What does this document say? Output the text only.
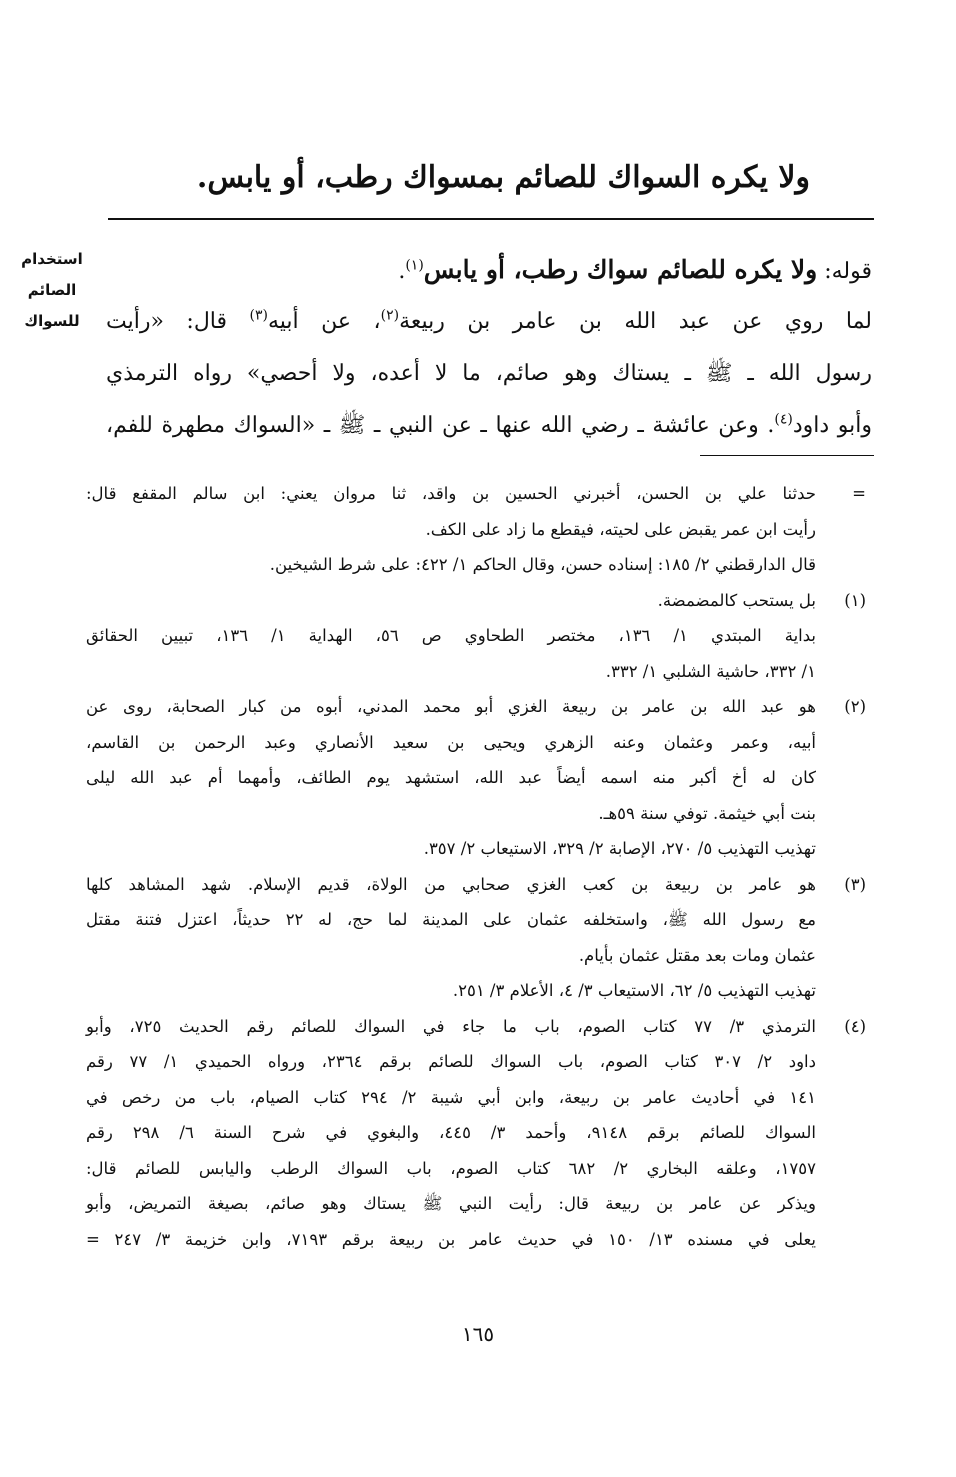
ولا يكره السواك للصائم بمسواك رطب، أو يابس.
استخدام
الصائم
للسواك
قوله: ولا يكره للصائم سواك رطب، أو يابس$^{(١)}$.
لما روي عن عبد الله بن عامر بن ربيعة$^{(٢)}$، عن أبيه$^{(٣)}$ قال: «رأيت
رسول الله ـ ﷺ ـ يستاك وهو صائم، ما لا أعده، ولا أحصي» رواه الترمذي
وأبو داود$^{(٤)}$. وعن عائشة ـ رضي الله عنها ـ عن النبي ـ ﷺ ـ «السواك مطهرة للفم،
=
حدثنا علي بن الحسن، أخبرني الحسين بن واقد، ثنا مروان يعني: ابن سالم المقفع قال:
رأيت ابن عمر يقبض على لحيته، فيقطع ما زاد على الكف.
قال الدارقطني ٢/ ١٨٥: إسناده حسن، وقال الحاكم ١/ ٤٢٢: على شرط الشيخين.
(١)
بل يستحب كالمضمضة.
بداية المبتدي ١/ ١٣٦، مختصر الطحاوي ص ٥٦، الهداية ١/ ١٣٦، تبيين الحقائق
١/ ٣٣٢، حاشية الشلبي ١/ ٣٣٢.
(٢)
هو عبد الله بن عامر بن ربيعة الغزي أبو محمد المدني، أبوه من كبار الصحابة، روى عن
أبيه، وعمر وعثمان وعنه الزهري ويحيى بن سعيد الأنصاري وعبد الرحمن بن القاسم،
كان له أخ أكبر منه اسمه أيضاً عبد الله، استشهد يوم الطائف، وأمهما أم عبد الله ليلى
بنت أبي خيثمة. توفي سنة ٥٩هـ.
تهذيب التهذيب ٥/ ٢٧٠، الإصابة ٢/ ٣٢٩، الاستيعاب ٢/ ٣٥٧.
(٣)
هو عامر بن ربيعة بن كعب الغزي صحابي من الولاة، قديم الإسلام. شهد المشاهد كلها
مع رسول الله ﷺ، واستخلفه عثمان على المدينة لما حج، له ٢٢ حديثاً، اعتزل فتنة مقتل
عثمان ومات بعد مقتل عثمان بأيام.
تهذيب التهذيب ٥/ ٦٢، الاستيعاب ٣/ ٤، الأعلام ٣/ ٢٥١.
(٤)
الترمذي ٣/ ٧٧ كتاب الصوم، باب ما جاء في السواك للصائم رقم الحديث ٧٢٥، وأبو
داود ٢/ ٣٠٧ كتاب الصوم، باب السواك للصائم برقم ٢٣٦٤، ورواه الحميدي ١/ ٧٧ رقم
١٤١ في أحاديث عامر بن ربيعة، وابن أبي شيبة ٢/ ٢٩٤ كتاب الصيام، باب من رخص في
السواك للصائم برقم ٩١٤٨، وأحمد ٣/ ٤٤٥، والبغوي في شرح السنة ٦/ ٢٩٨ رقم
١٧٥٧، وعلقه البخاري ٢/ ٦٨٢ كتاب الصوم، باب السواك الرطب واليابس للصائم قال:
ويذكر عن عامر بن ربيعة قال: رأيت النبي ﷺ يستاك وهو صائم، بصيغة التمريض، وأبو
يعلى في مسنده ١٣/ ١٥٠ في حديث عامر بن ربيعة برقم ٧١٩٣، وابن خزيمة ٣/ ٢٤٧ =
١٦٥
